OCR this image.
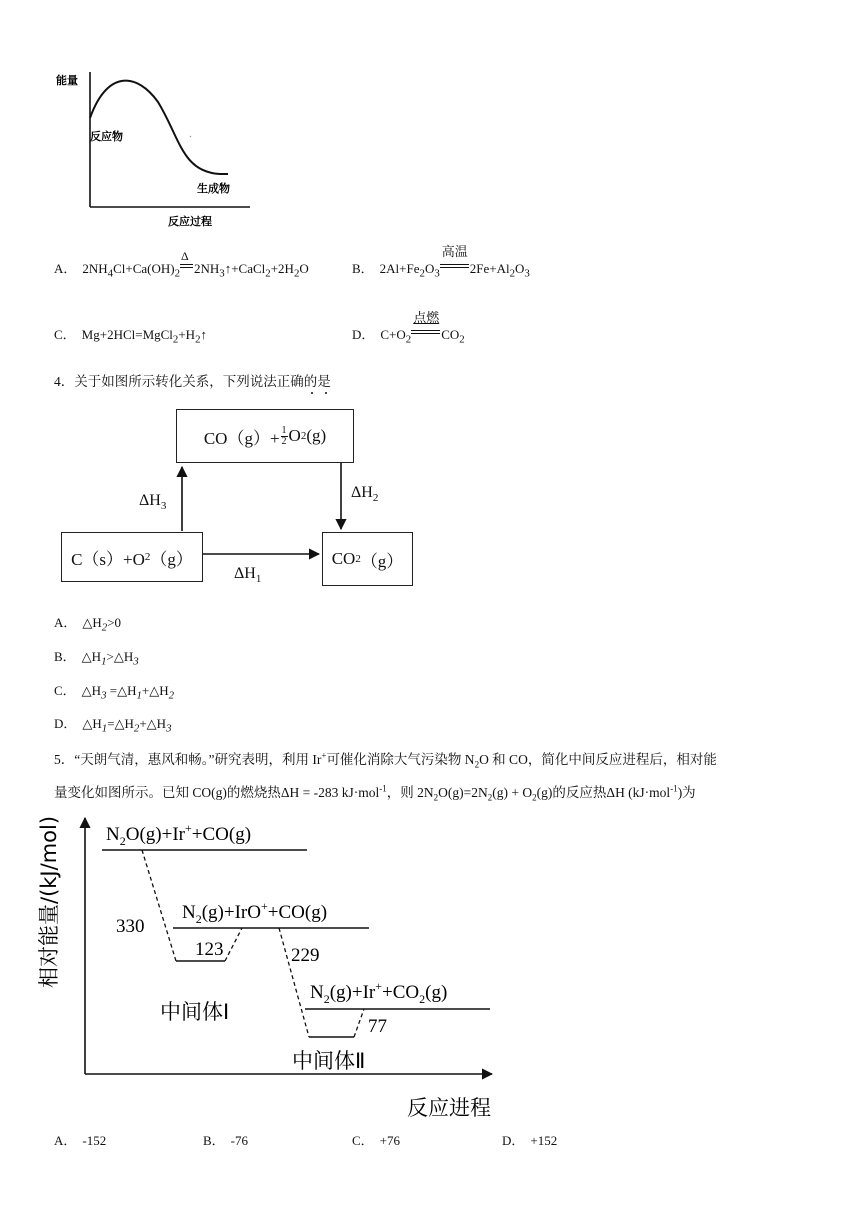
能量
反应物
生成物
反应过程
A． $2NH_4Cl+Ca(OH)_2$
Δ
$2NH_3↑+CaCl_2+2H_2O$	B． $2Al+Fe_2O_3$
高温
$2Fe+Al_2O_3$
C． $Mg+2HCl=MgCl_2+H_2↑$	D． $C+O_2$
点燃
$CO_2$
4．关于如图所示转化关系，下列说法正确的是
CO（g）+ 1
2 O 2 (g)
C（s）+O 2 （g）	CO 2 （g）
$\Delta H_3$
$\Delta H_2$
$\Delta H_1$
A． $\triangle H_2>0$
B． $\triangle H_1>\triangle H_3$
C． $\triangle H_3$ $=\triangle H_1+\triangle H_2$
D． $\triangle H_1=\triangle H_2+\triangle H_3$
5．“天朗气清，惠风和畅。”研究表明，利用 Ir+可催化消除大气污染物 $N_2O$ 和 CO，简化中间反应进程后，相对能
量变化如图所示。已知 CO(g)的燃烧热ΔH = -283 kJ·mol$^{-1}$，则 $2N_2O(g)=2N_2(g) + O_2(g)$的反应热ΔH (kJ·mol$^{-1}$)为
相对能量/(kJ/mol)
反应进程
$N_2O(g)+Ir^++CO(g)$
$N_2(g)+IrO^++CO(g)$
$N_2(g)+Ir^++CO_2(g)$
330
123	229
77
中间体Ⅰ
中间体Ⅱ
A． -152	B． -76	C． +76	D． +152
